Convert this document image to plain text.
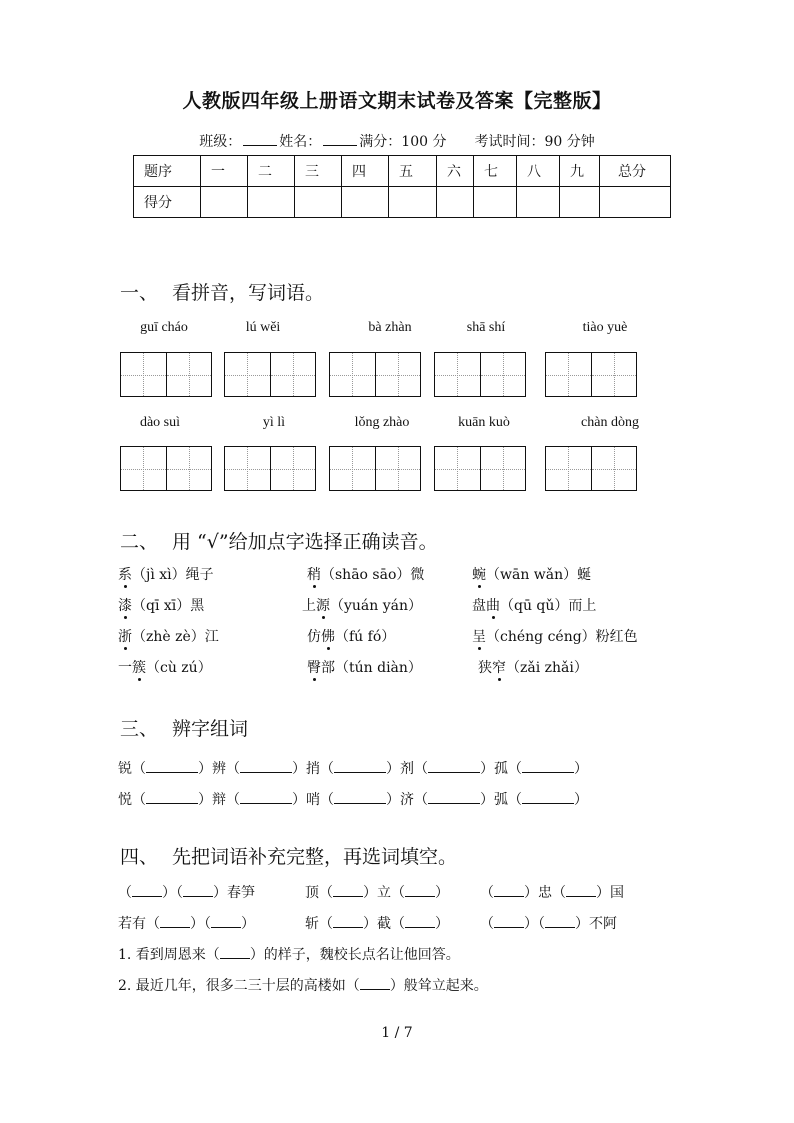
人教版四年级上册语文期末试卷及答案【完整版】
班级：	姓名：	满分：100 分 考试时间：90 分钟
题序	一	二	三	四	五	六	七	八	九	总分
得分										
一、 看拼音，写词语。
guī cháo	lú wěi	bà zhàn	shā shí	tiào yuè
dào suì	yì lì	lǒng zhào	kuān kuò	chàn dòng
二、 用 “√”给加点字选择正确读音。
系（jì xì）绳子	稍（shāo sāo）微	蜿（wān wǎn）蜒
漆（qī xī）黑	上源（yuán yán）	盘曲（qū qǔ）而上
浙（zhè zè）江	仿佛（fú fó）	呈（chéng céng）粉红色
一簇（cù zú）	臀部（tún diàn）	狭窄（zǎi zhǎi）
三、 辨字组词
锐（	）辨（	）捎（	）剂（	）孤（	）
悦（	）辩（	）哨（	）济（	）弧（	）
四、 先把词语补充完整，再选词填空。
（ ）（ ）春笋	顶（ ）立（ ） （ ）忠（ ）国
若有（ ）（ ）	斩（ ）截（ ） （ ）（ ）不阿
1. 看到周恩来（ ）的样子，魏校长点名让他回答。
2. 最近几年，很多二三十层的高楼如（ ）般耸立起来。
1 / 7
